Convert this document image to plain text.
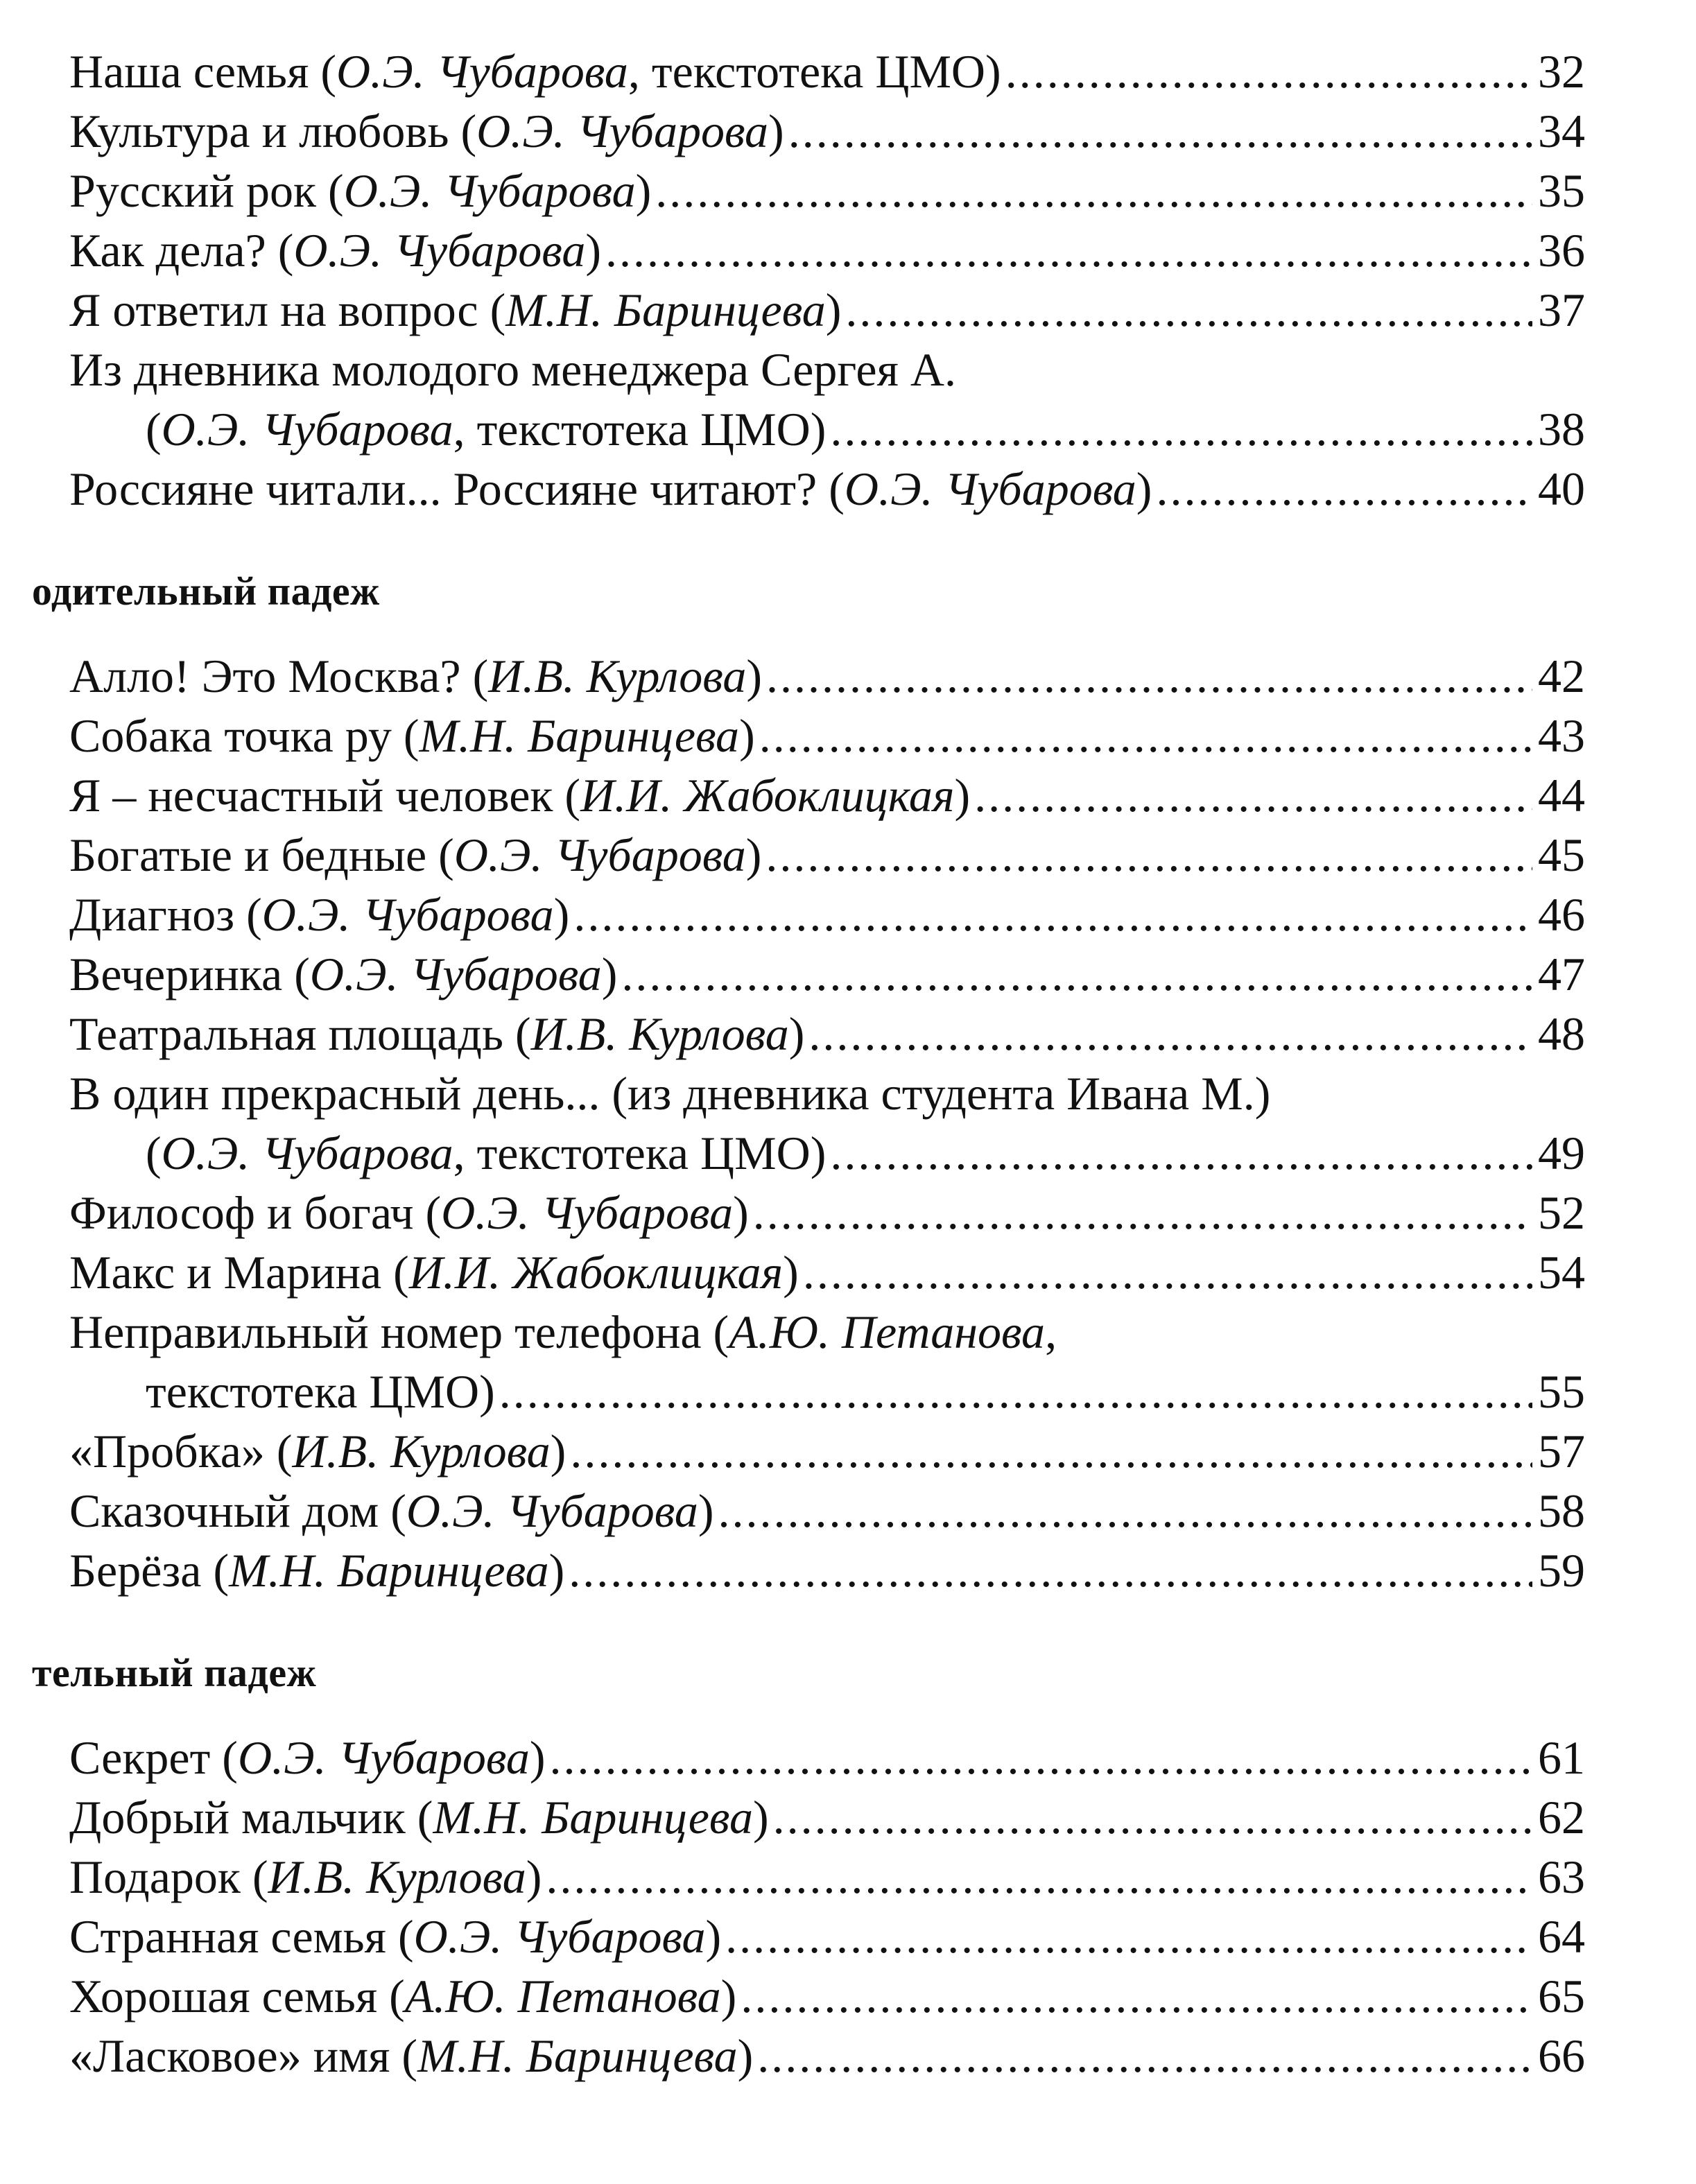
Наша семья (О.Э. Чубарова, текстотека ЦМО) .....	32
Культура и любовь (О.Э. Чубарова) .....	34
Русский рок (О.Э. Чубарова) .....	35
Как дела? (О.Э. Чубарова) .....	36
Я ответил на вопрос (М.Н. Баринцева) .....	37
Из дневника молодого менеджера Сергея А.
(О.Э. Чубарова, текстотека ЦМО) .....	38
Россияне читали... Россияне читают? (О.Э. Чубарова) .....	40
одительный падеж
Алло! Это Москва? (И.В. Курлова) .....	42
Собака точка ру (М.Н. Баринцева) .....	43
Я – несчастный человек (И.И. Жабоклицкая) .....	44
Богатые и бедные (О.Э. Чубарова) .....	45
Диагноз (О.Э. Чубарова) .....	46
Вечеринка (О.Э. Чубарова) .....	47
Театральная площадь (И.В. Курлова) .....	48
В один прекрасный день... (из дневника студента Ивана М.)
(О.Э. Чубарова, текстотека ЦМО) .....	49
Философ и богач (О.Э. Чубарова) .....	52
Макс и Марина (И.И. Жабоклицкая) .....	54
Неправильный номер телефона (А.Ю. Петанова,
текстотека ЦМО) .....	55
«Пробка» (И.В. Курлова) .....	57
Сказочный дом (О.Э. Чубарова) .....	58
Берёза (М.Н. Баринцева) .....	59
тельный падеж
Секрет (О.Э. Чубарова) .....	61
Добрый мальчик (М.Н. Баринцева) .....	62
Подарок (И.В. Курлова) .....	63
Странная семья (О.Э. Чубарова) .....	64
Хорошая семья (А.Ю. Петанова) .....	65
«Ласковое» имя (М.Н. Баринцева) .....	66
